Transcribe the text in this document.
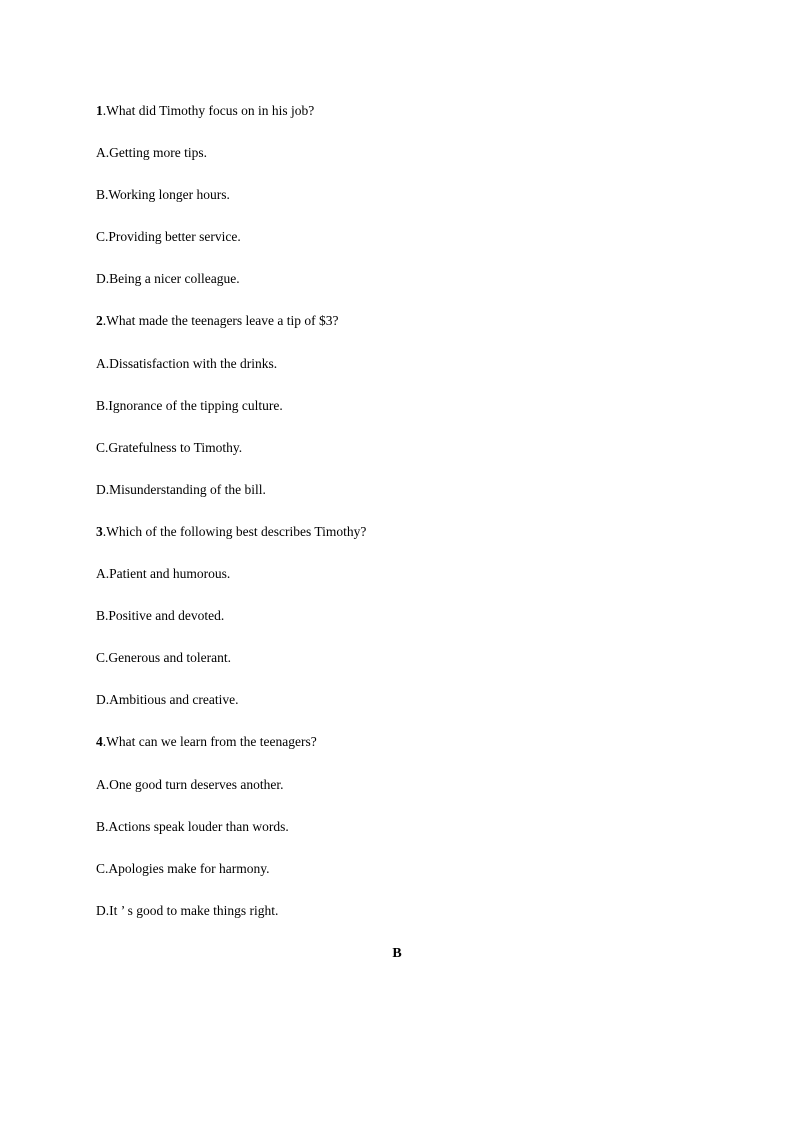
1.What did Timothy focus on in his job?
A.Getting more tips.
B.Working longer hours.
C.Providing better service.
D.Being a nicer colleague.
2.What made the teenagers leave a tip of $3?
A.Dissatisfaction with the drinks.
B.Ignorance of the tipping culture.
C.Gratefulness to Timothy.
D.Misunderstanding of the bill.
3.Which of the following best describes Timothy?
A.Patient and humorous.
B.Positive and devoted.
C.Generous and tolerant.
D.Ambitious and creative.
4.What can we learn from the teenagers?
A.One good turn deserves another.
B.Actions speak louder than words.
C.Apologies make for harmony.
D.It ’ s good to make things right.
B
